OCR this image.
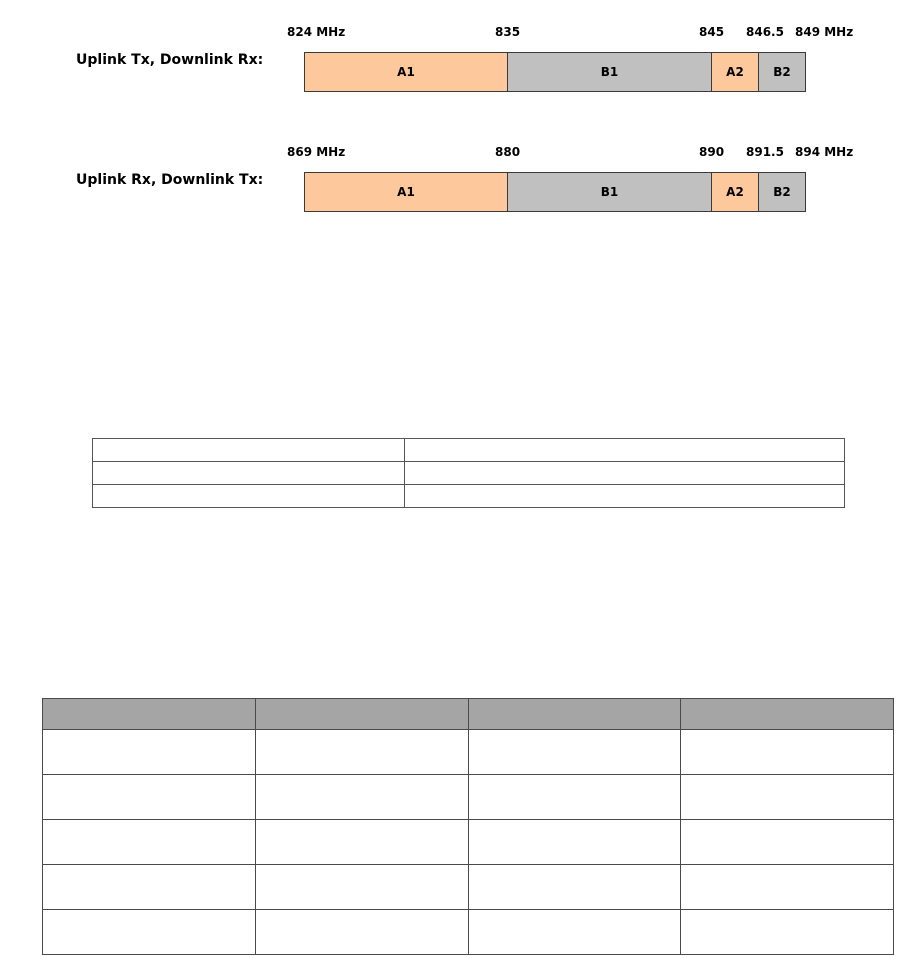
824 MHz	835	845 846.5 849 MHz
Uplink Tx, Downlink Rx:
A1	B1	A2	B2
869 MHz	880	890 891.5 894 MHz
Uplink Rx, Downlink Tx:
A1	B1	A2	B2
